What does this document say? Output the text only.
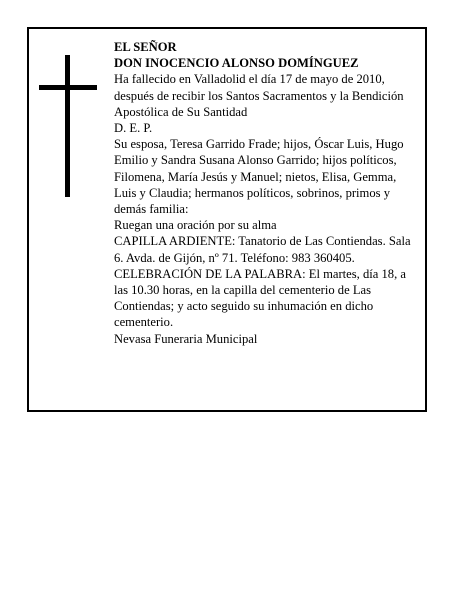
EL SEÑOR

DON INOCENCIO ALONSO DOMÍNGUEZ

Ha fallecido en Valladolid el día 17 de mayo de 2010, después de recibir los Santos Sacramentos y la Bendición Apostólica de Su Santidad

D. E. P.

Su esposa, Teresa Garrido Frade; hijos, Óscar Luis, Hugo Emilio y Sandra Susana Alonso Garrido; hijos políticos, Filomena, María Jesús y Manuel; nietos, Elisa, Gemma, Luis y Claudia; hermanos políticos, sobrinos, primos y demás familia:

Ruegan una oración por su alma

CAPILLA ARDIENTE: Tanatorio de Las Contiendas. Sala 6. Avda. de Gijón, nº 71. Teléfono: 983 360405.

CELEBRACIÓN DE LA PALABRA: El martes, día 18, a las 10.30 horas, en la capilla del cementerio de Las Contiendas; y acto seguido su inhumación en dicho cementerio.

Nevasa Funeraria Municipal
